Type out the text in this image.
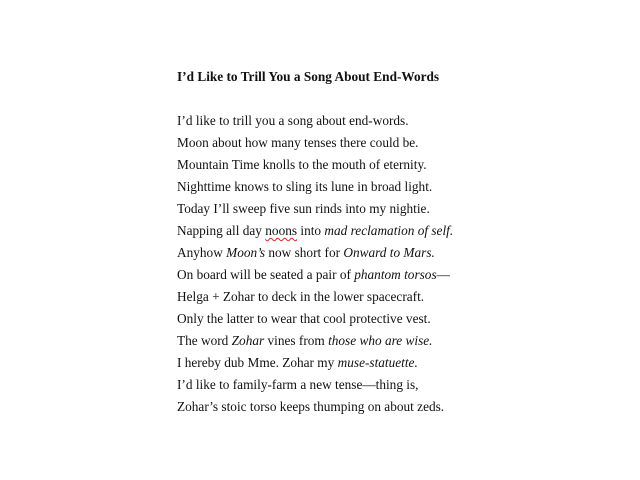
I’d Like to Trill You a Song About End-Words
I’d like to trill you a song about end-words.
Moon about how many tenses there could be.
Mountain Time knolls to the mouth of eternity.
Nighttime knows to sling its lune in broad light.
Today I’ll sweep five sun rinds into my nightie.
Napping all day noons into mad reclamation of self.
Anyhow Moon’s now short for Onward to Mars.
On board will be seated a pair of phantom torsos—
Helga + Zohar to deck in the lower spacecraft.
Only the latter to wear that cool protective vest.
The word Zohar vines from those who are wise.
I hereby dub Mme. Zohar my muse-statuette.
I’d like to family-farm a new tense—thing is,
Zohar’s stoic torso keeps thumping on about zeds.
